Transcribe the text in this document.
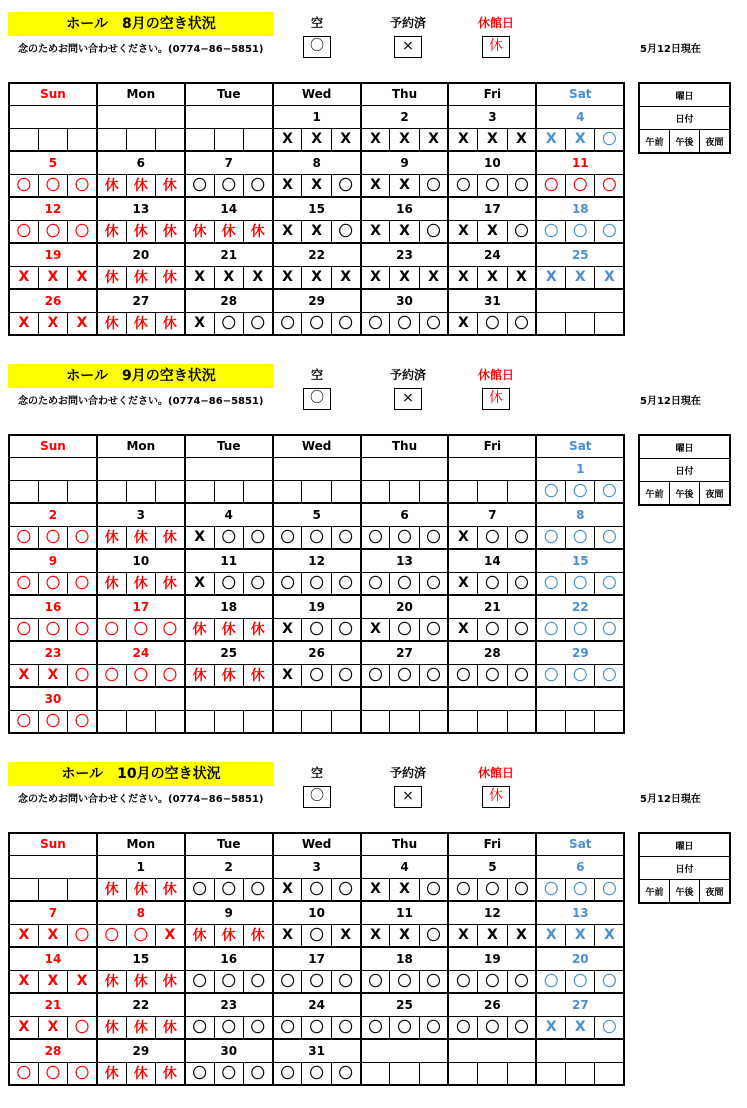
ホール　8月の空き状況
念のためお問い合わせください。(0774−86−5851)	5月12日現在
空
〇
予約済
×
休館日
休
Sun			Mon			Tue			Wed			Thu			Fri			Sat		
									1			2			3			4		
									X	X	X	X	X	X	X	X	X	X	X	〇
5			6			7			8			9			10			11		
〇	〇	〇	休	休	休	〇	〇	〇	X	X	〇	X	X	〇	〇	〇	〇	〇	〇	〇
12			13			14			15			16			17			18		
〇	〇	〇	休	休	休	休	休	休	X	X	〇	X	X	〇	X	X	〇	〇	〇	〇
19			20			21			22			23			24			25		
X	X	X	休	休	休	X	X	X	X	X	X	X	X	X	X	X	X	X	X	X
26			27			28			29			30			31					
X	X	X	休	休	休	X	〇	〇	〇	〇	〇	〇	〇	〇	X	〇	〇			
曜日
日付
午前	午後	夜間
ホール　9月の空き状況
念のためお問い合わせください。(0774−86−5851)	5月12日現在
空
〇
予約済
×
休館日
休
Sun			Mon			Tue			Wed			Thu			Fri			Sat		
																		1		
																		〇	〇	〇
2			3			4			5			6			7			8		
〇	〇	〇	休	休	休	X	〇	〇	〇	〇	〇	〇	〇	〇	X	〇	〇	〇	〇	〇
9			10			11			12			13			14			15		
〇	〇	〇	休	休	休	X	〇	〇	〇	〇	〇	〇	〇	〇	X	〇	〇	〇	〇	〇
16			17			18			19			20			21			22		
〇	〇	〇	〇	〇	〇	休	休	休	X	〇	〇	X	〇	〇	X	〇	〇	〇	〇	〇
23			24			25			26			27			28			29		
X	X	〇	〇	〇	〇	休	休	休	X	〇	〇	〇	〇	〇	〇	〇	〇	〇	〇	〇
30																				
〇	〇	〇																		
曜日
日付
午前	午後	夜間
ホール　10月の空き状況
念のためお問い合わせください。(0774−86−5851)	5月12日現在
空
〇
予約済
×
休館日
休
Sun			Mon			Tue			Wed			Thu			Fri			Sat		
			1			2			3			4			5			6		
			休	休	休	〇	〇	〇	X	〇	〇	X	X	〇	〇	〇	〇	〇	〇	〇
7			8			9			10			11			12			13		
X	X	〇	〇	〇	X	休	休	休	X	〇	X	X	X	〇	X	X	X	X	X	X
14			15			16			17			18			19			20		
X	X	X	休	休	休	〇	〇	〇	〇	〇	〇	〇	〇	〇	〇	〇	〇	〇	〇	〇
21			22			23			24			25			26			27		
X	X	〇	休	休	休	〇	〇	〇	〇	〇	〇	〇	〇	〇	〇	〇	〇	X	X	〇
28			29			30			31											
〇	〇	〇	休	休	休	〇	〇	〇	〇	〇	〇									
曜日
日付
午前	午後	夜間
